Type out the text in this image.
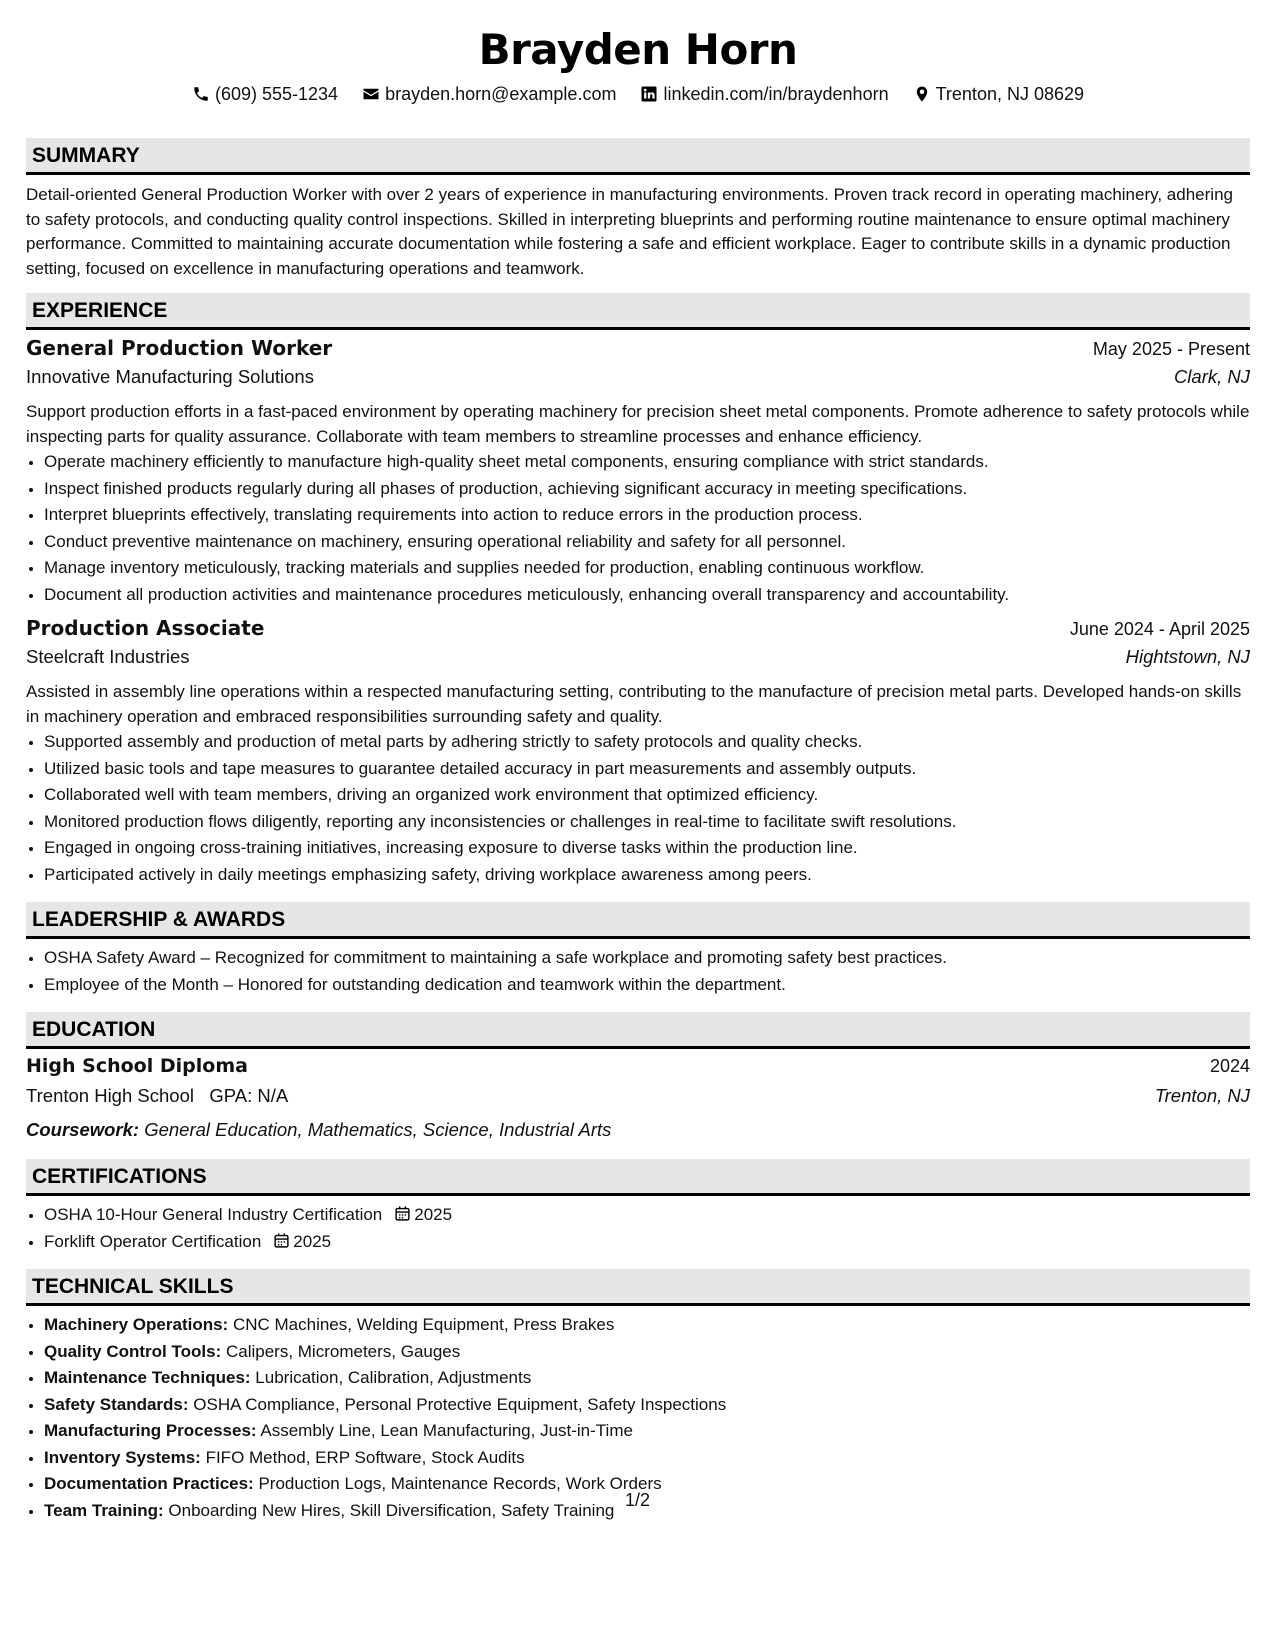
Brayden Horn
(609) 555-1234	brayden.horn@example.com	linkedin.com/in/braydenhorn	Trenton, NJ 08629
SUMMARY

Detail-oriented General Production Worker with over 2 years of experience in manufacturing environments. Proven track record in operating machinery, adhering to safety protocols, and conducting quality control inspections. Skilled in interpreting blueprints and performing routine maintenance to ensure optimal machinery performance. Committed to maintaining accurate documentation while fostering a safe and efficient workplace. Eager to contribute skills in a dynamic production setting, focused on excellence in manufacturing operations and teamwork.

EXPERIENCE
General Production Worker	May 2025 - Present
Innovative Manufacturing Solutions	Clark, NJ

Support production efforts in a fast-paced environment by operating machinery for precision sheet metal components. Promote adherence to safety protocols while inspecting parts for quality assurance. Collaborate with team members to streamline processes and enhance efficiency.

• Operate machinery efficiently to manufacture high-quality sheet metal components, ensuring compliance with strict standards.
• Inspect finished products regularly during all phases of production, achieving significant accuracy in meeting specifications.
• Interpret blueprints effectively, translating requirements into action to reduce errors in the production process.
• Conduct preventive maintenance on machinery, ensuring operational reliability and safety for all personnel.
• Manage inventory meticulously, tracking materials and supplies needed for production, enabling continuous workflow.
• Document all production activities and maintenance procedures meticulously, enhancing overall transparency and accountability.
Production Associate	June 2024 - April 2025
Steelcraft Industries	Hightstown, NJ

Assisted in assembly line operations within a respected manufacturing setting, contributing to the manufacture of precision metal parts. Developed hands-on skills in machinery operation and embraced responsibilities surrounding safety and quality.

• Supported assembly and production of metal parts by adhering strictly to safety protocols and quality checks.
• Utilized basic tools and tape measures to guarantee detailed accuracy in part measurements and assembly outputs.
• Collaborated well with team members, driving an organized work environment that optimized efficiency.
• Monitored production flows diligently, reporting any inconsistencies or challenges in real-time to facilitate swift resolutions.
• Engaged in ongoing cross-training initiatives, increasing exposure to diverse tasks within the production line.
• Participated actively in daily meetings emphasizing safety, driving workplace awareness among peers.
LEADERSHIP & AWARDS
• OSHA Safety Award – Recognized for commitment to maintaining a safe workplace and promoting safety best practices.
• Employee of the Month – Honored for outstanding dedication and teamwork within the department.
EDUCATION
High School Diploma	2024
Trenton High School GPA: N/A	Trenton, NJ
Coursework: General Education, Mathematics, Science, Industrial Arts
CERTIFICATIONS
• OSHA 10-Hour General Industry Certification 2025
• Forklift Operator Certification 2025
TECHNICAL SKILLS
• Machinery Operations: CNC Machines, Welding Equipment, Press Brakes
• Quality Control Tools: Calipers, Micrometers, Gauges
• Maintenance Techniques: Lubrication, Calibration, Adjustments
• Safety Standards: OSHA Compliance, Personal Protective Equipment, Safety Inspections
• Manufacturing Processes: Assembly Line, Lean Manufacturing, Just-in-Time
• Inventory Systems: FIFO Method, ERP Software, Stock Audits
• Documentation Practices: Production Logs, Maintenance Records, Work Orders
• Team Training: Onboarding New Hires, Skill Diversification, Safety Training 1/2
